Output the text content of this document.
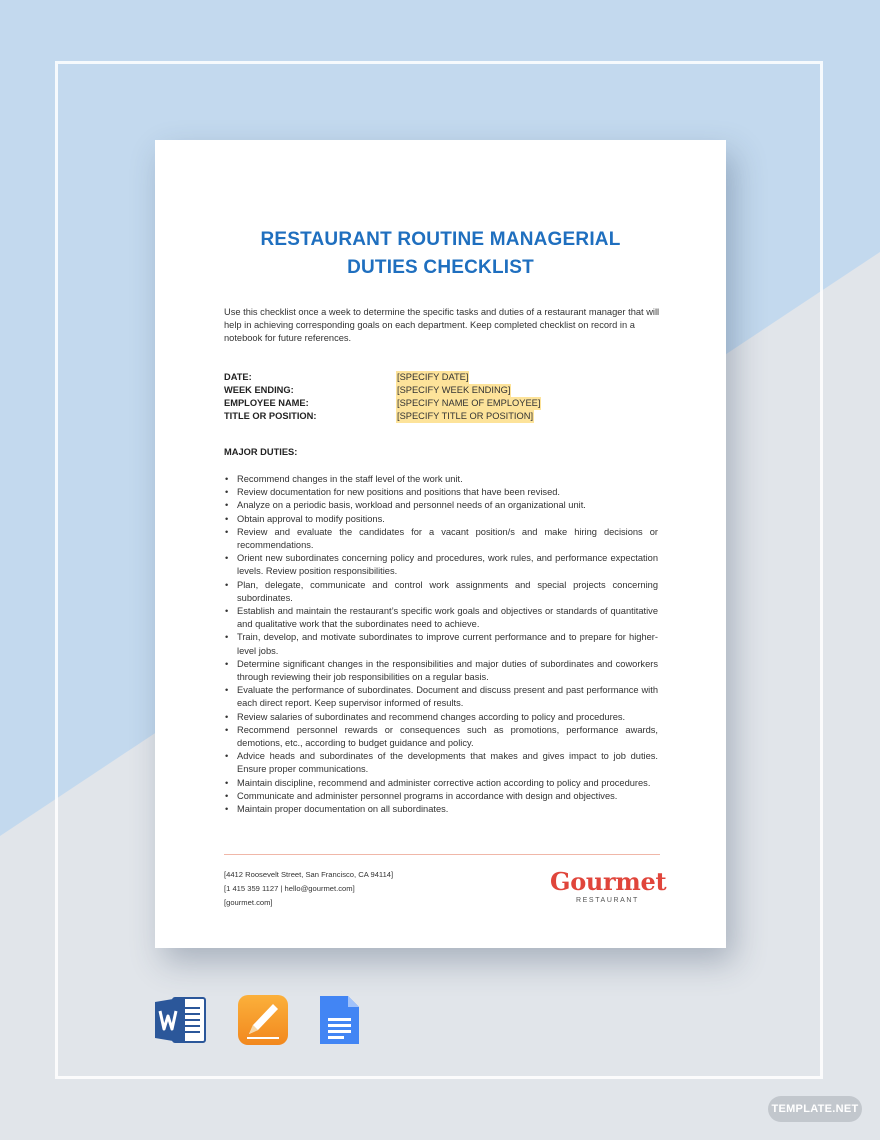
RESTAURANT ROUTINE MANAGERIAL
DUTIES CHECKLIST
Use this checklist once a week to determine the specific tasks and duties of a restaurant manager that will help in achieving corresponding goals on each department. Keep completed checklist on record in a notebook for future references.
DATE:	[SPECIFY DATE]
WEEK ENDING:	[SPECIFY WEEK ENDING]
EMPLOYEE NAME:	[SPECIFY NAME OF EMPLOYEE]
TITLE OR POSITION:	[SPECIFY TITLE OR POSITION]
MAJOR DUTIES:
• Recommend changes in the staff level of the work unit.
• Review documentation for new positions and positions that have been revised.
• Analyze on a periodic basis, workload and personnel needs of an organizational unit.
• Obtain approval to modify positions.
• Review and evaluate the candidates for a vacant position/s and make hiring decisions or recommendations.
• Orient new subordinates concerning policy and procedures, work rules, and performance expectation levels. Review position responsibilities.
• Plan, delegate, communicate and control work assignments and special projects concerning subordinates.
• Establish and maintain the restaurant’s specific work goals and objectives or standards of quantitative and qualitative work that the subordinates need to achieve.
• Train, develop, and motivate subordinates to improve current performance and to prepare for higher-level jobs.
• Determine significant changes in the responsibilities and major duties of subordinates and coworkers through reviewing their job responsibilities on a regular basis.
• Evaluate the performance of subordinates. Document and discuss present and past performance with each direct report. Keep supervisor informed of results.
• Review salaries of subordinates and recommend changes according to policy and procedures.
• Recommend personnel rewards or consequences such as promotions, performance awards, demotions, etc., according to budget guidance and policy.
• Advice heads and subordinates of the developments that makes and gives impact to job duties. Ensure proper communications.
• Maintain discipline, recommend and administer corrective action according to policy and procedures.
• Communicate and administer personnel programs in accordance with design and objectives.
• Maintain proper documentation on all subordinates.
[4412 Roosevelt Street, San Francisco, CA 94114]
[1 415 359 1127 | hello@gourmet.com]
[gourmet.com]
Gourmet
RESTAURANT
TEMPLATE.NET
